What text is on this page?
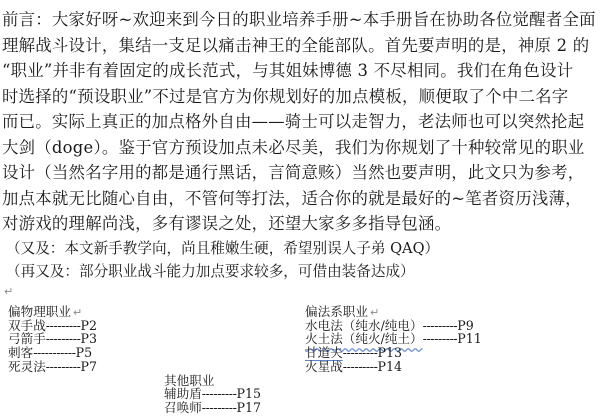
前言：大家好呀~欢迎来到今日的职业培养手册~本手册旨在协助各位觉醒者全面
理解战斗设计，集结一支足以痛击神王的全能部队。首先要声明的是，神原 2 的
“职业”并非有着固定的成长范式，与其姐妹博德 3 不尽相同。我们在角色设计
时选择的“预设职业”不过是官方为你规划好的加点模板，顺便取了个中二名字
而已。实际上真正的加点格外自由——骑士可以走智力，老法师也可以突然抡起
大剑（doge）。鉴于官方预设加点未必尽美，我们为你规划了十种较常见的职业
设计（当然名字用的都是通行黑话，言简意赅）当然也要声明，此文只为参考，
加点本就无比随心自由，不管何等打法，适合你的就是最好的~笔者资历浅薄，
对游戏的理解尚浅，多有谬误之处，还望大家多多指导包涵。
（又及：本文新手教学向，尚且稚嫩生硬，希望别误人子弟 QAQ）
（再又及：部分职业战斗能力加点要求较多，可借由装备达成）
↵
偏物理职业 ↵
双手战---------P2
弓箭手---------P3
刺客-----------P5
死灵法---------P7
偏法系职业 ↵
水电法（纯水/纯电）---------P9
火土法（纯火/纯土）---------P11
甘道夫---------P13
火星战---------P14
其他职业
辅助盾---------P15
召唤师---------P17
